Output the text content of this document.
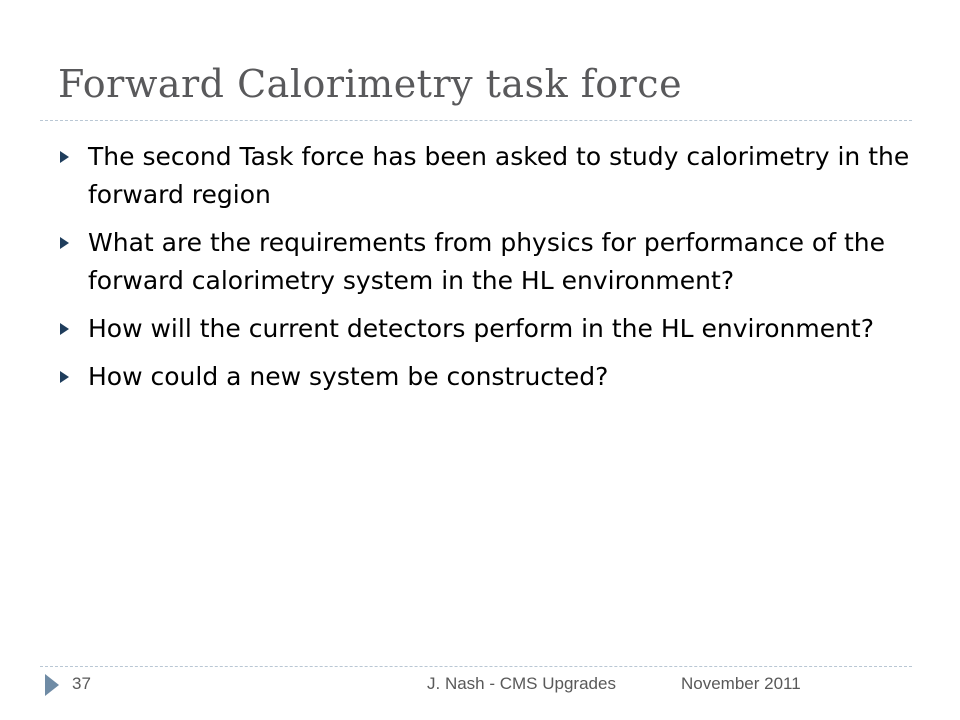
Forward Calorimetry task force
The second Task force has been asked to study calorimetry in the forward region
What are the requirements from physics for performance of the forward calorimetry system in the HL environment?
How will the current detectors perform in the HL environment?
How could a new system be constructed?
37	J. Nash - CMS Upgrades	November 2011
